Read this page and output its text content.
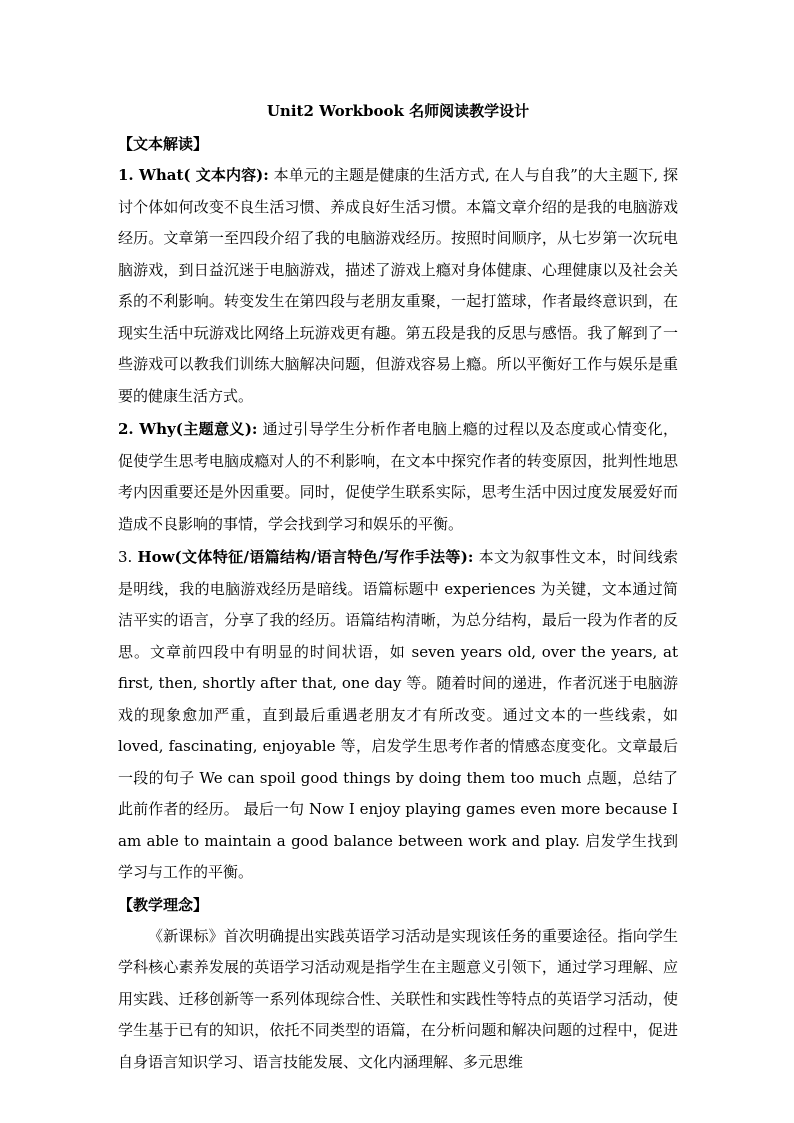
Unit2 Workbook 名师阅读教学设计
【文本解读】

1. What( 文本内容): 本单元的主题是健康的生活方式, 在人与自我”的大主题下, 探讨个体如何改变不良生活习惯、养成良好生活习惯。本篇文章介绍的是我的电脑游戏经历。文章第一至四段介绍了我的电脑游戏经历。按照时间顺序，从七岁第一次玩电脑游戏，到日益沉迷于电脑游戏，描述了游戏上瘾对身体健康、心理健康以及社会关系的不利影响。转变发生在第四段与老朋友重聚，一起打篮球，作者最终意识到，在现实生活中玩游戏比网络上玩游戏更有趣。第五段是我的反思与感悟。我了解到了一些游戏可以教我们训练大脑解决问题，但游戏容易上瘾。所以平衡好工作与娱乐是重要的健康生活方式。

2. Why(主题意义): 通过引导学生分析作者电脑上瘾的过程以及态度或心情变化，促使学生思考电脑成瘾对人的不利影响，在文本中探究作者的转变原因，批判性地思考内因重要还是外因重要。同时，促使学生联系实际，思考生活中因过度发展爱好而造成不良影响的事情，学会找到学习和娱乐的平衡。

3. How(文体特征/语篇结构/语言特色/写作手法等): 本文为叙事性文本，时间线索是明线，我的电脑游戏经历是暗线。语篇标题中 experiences 为关键，文本通过简洁平实的语言，分享了我的经历。语篇结构清晰，为总分结构，最后一段为作者的反思。文章前四段中有明显的时间状语，如 seven years old, over the years, at first, then, shortly after that, one day 等。随着时间的递进，作者沉迷于电脑游戏的现象愈加严重，直到最后重遇老朋友才有所改变。通过文本的一些线索，如 loved, fascinating, enjoyable 等，启发学生思考作者的情感态度变化。文章最后一段的句子 We can spoil good things by doing them too much 点题，总结了此前作者的经历。 最后一句 Now I enjoy playing games even more because I am able to maintain a good balance between work and play. 启发学生找到学习与工作的平衡。

【教学理念】

《新课标》首次明确提出实践英语学习活动是实现该任务的重要途径。指向学生学科核心素养发展的英语学习活动观是指学生在主题意义引领下，通过学习理解、应用实践、迁移创新等一系列体现综合性、关联性和实践性等特点的英语学习活动，使学生基于已有的知识，依托不同类型的语篇，在分析问题和解决问题的过程中，促进自身语言知识学习、语言技能发展、文化内涵理解、多元思维
